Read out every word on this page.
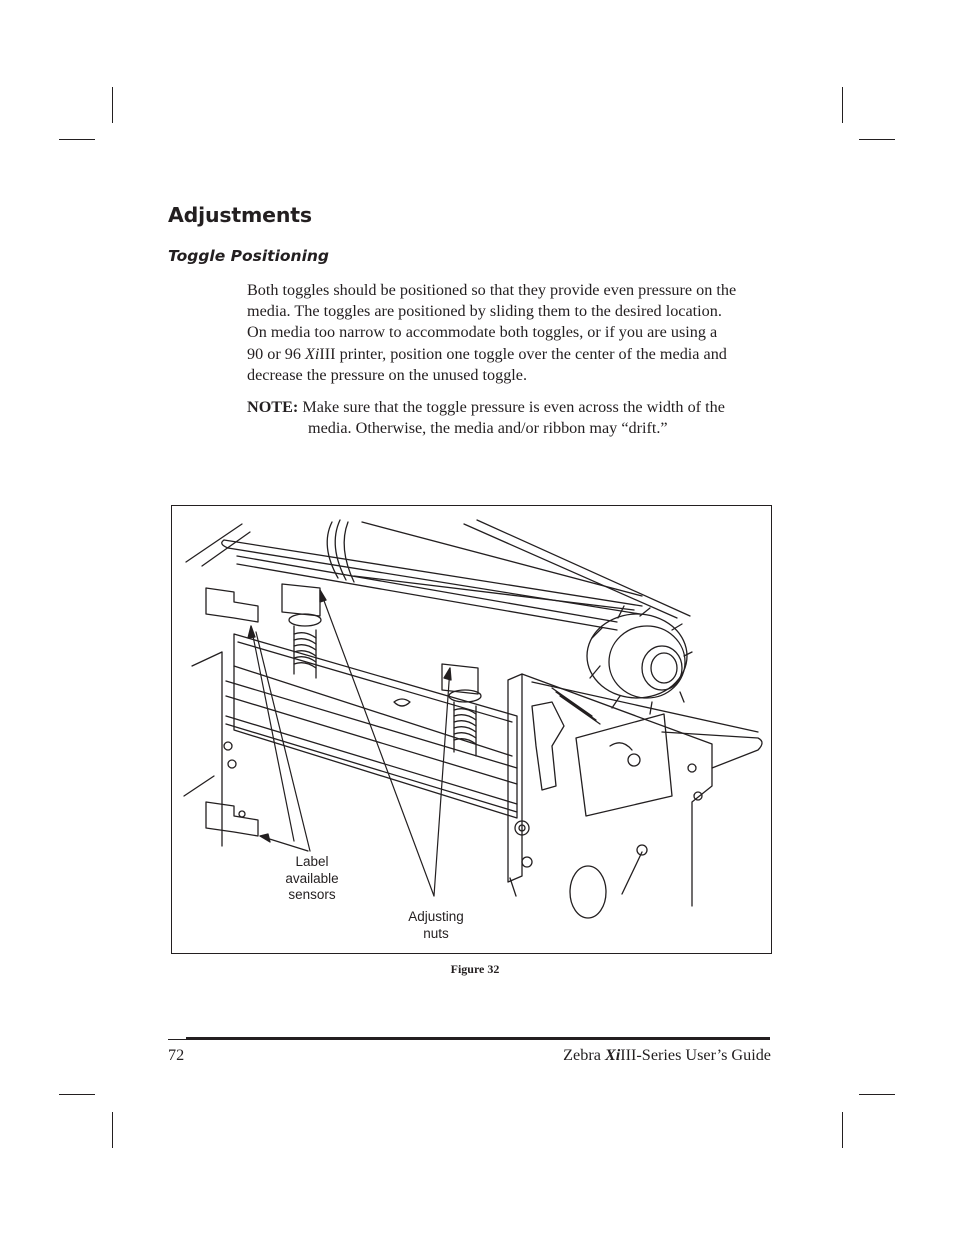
Adjustments
Toggle Positioning
Both toggles should be positioned so that they provide even pressure on the
media. The toggles are positioned by sliding them to the desired location.
On media too narrow to accommodate both toggles, or if you are using a
90 or 96 XiIII printer, position one toggle over the center of the media and
decrease the pressure on the unused toggle.
NOTE: Make sure that the toggle pressure is even across the width of the
media. Otherwise, the media and/or ribbon may “drift.”
Label
available
sensors
Adjusting
nuts
Figure 32
72	Zebra XiIII-Series User’s Guide
